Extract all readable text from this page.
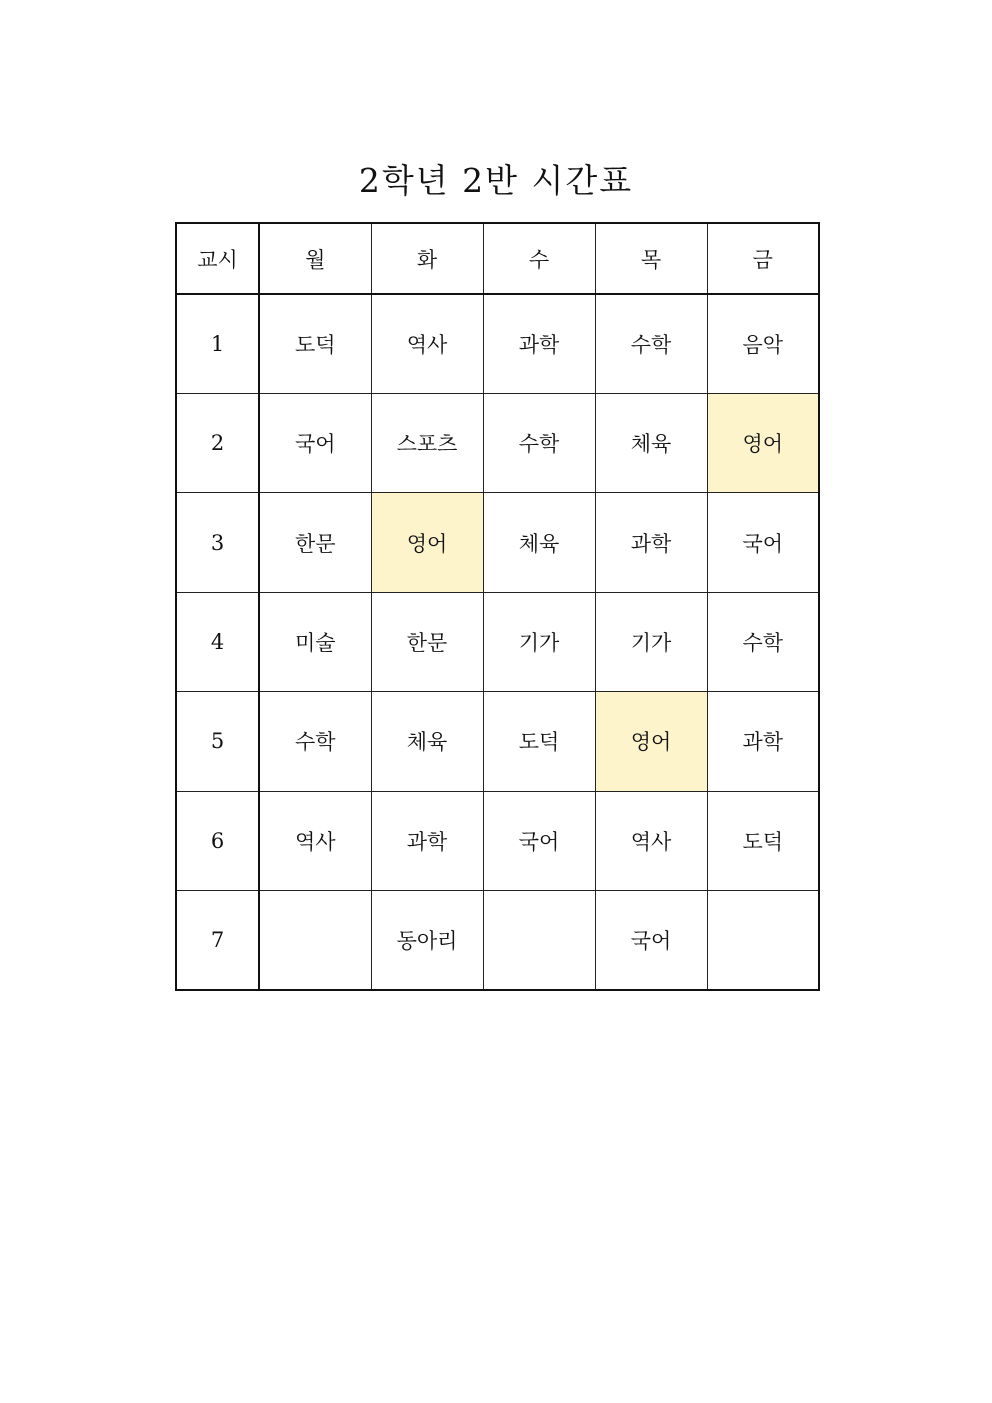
2학년 2반 시간표
교시	월	화	수	목	금
1	도덕	역사	과학	수학	음악
2	국어	스포츠	수학	체육	영어
3	한문	영어	체육	과학	국어
4	미술	한문	기가	기가	수학
5	수학	체육	도덕	영어	과학
6	역사	과학	국어	역사	도덕
7		동아리		국어	
